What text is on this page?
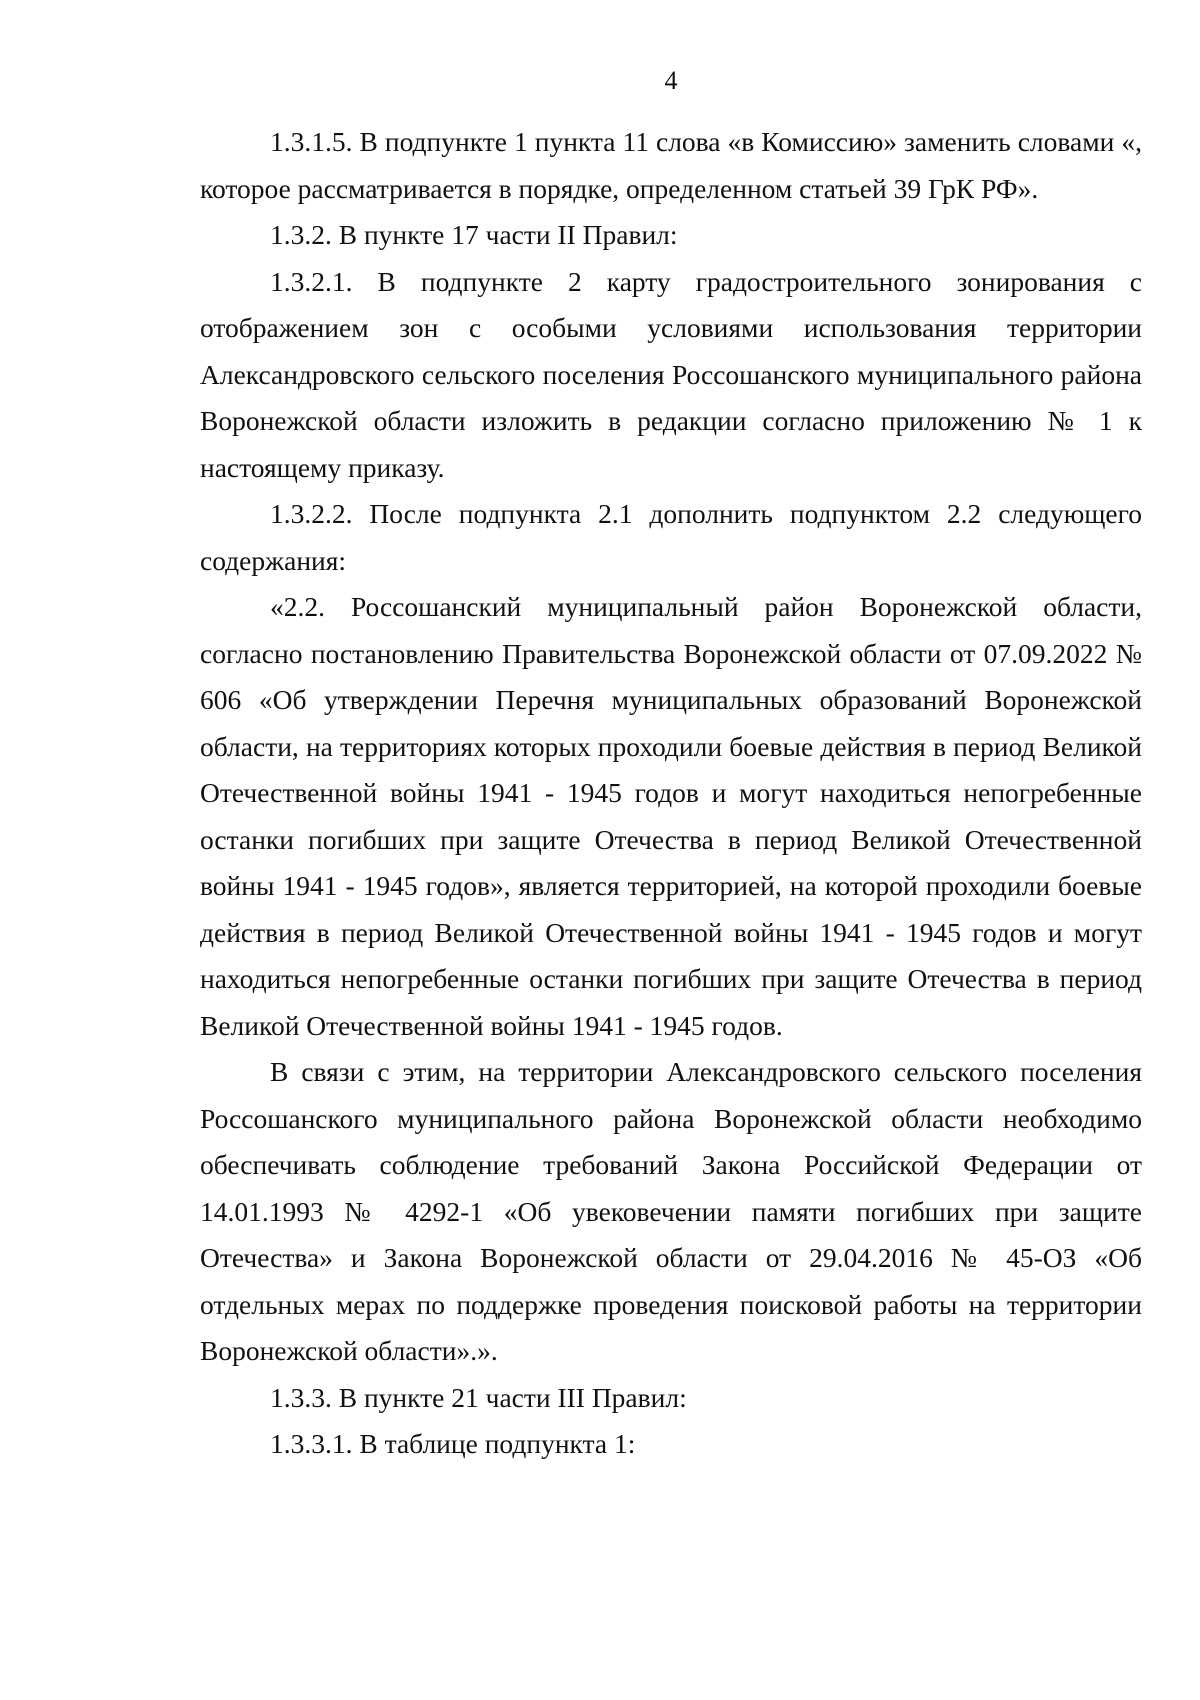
4

1.3.1.5. В подпункте 1 пункта 11 слова «в Комиссию» заменить словами «, которое рассматривается в порядке, определенном статьей 39 ГрК РФ».

1.3.2. В пункте 17 части II Правил:

1.3.2.1. В подпункте 2 карту градостроительного зонирования с отображением зон с особыми условиями использования территории Александровского сельского поселения Россошанского муниципального района Воронежской области изложить в редакции согласно приложению № 1 к настоящему приказу.

1.3.2.2. После подпункта 2.1 дополнить подпунктом 2.2 следующего содержания:

«2.2. Россошанский муниципальный район Воронежской области, согласно постановлению Правительства Воронежской области от 07.09.2022 № 606 «Об утверждении Перечня муниципальных образований Воронежской области, на территориях которых проходили боевые действия в период Великой Отечественной войны 1941 - 1945 годов и могут находиться непогребенные останки погибших при защите Отечества в период Великой Отечественной войны 1941 - 1945 годов», является территорией, на которой проходили боевые действия в период Великой Отечественной войны 1941 - 1945 годов и могут находиться непогребенные останки погибших при защите Отечества в период Великой Отечественной войны 1941 - 1945 годов.

В связи с этим, на территории Александровского сельского поселения Россошанского муниципального района Воронежской области необходимо обеспечивать соблюдение требований Закона Российской Федерации от 14.01.1993 № 4292-1 «Об увековечении памяти погибших при защите Отечества» и Закона Воронежской области от 29.04.2016 № 45-ОЗ «Об отдельных мерах по поддержке проведения поисковой работы на территории Воронежской области».».

1.3.3. В пункте 21 части III Правил:

1.3.3.1. В таблице подпункта 1:
